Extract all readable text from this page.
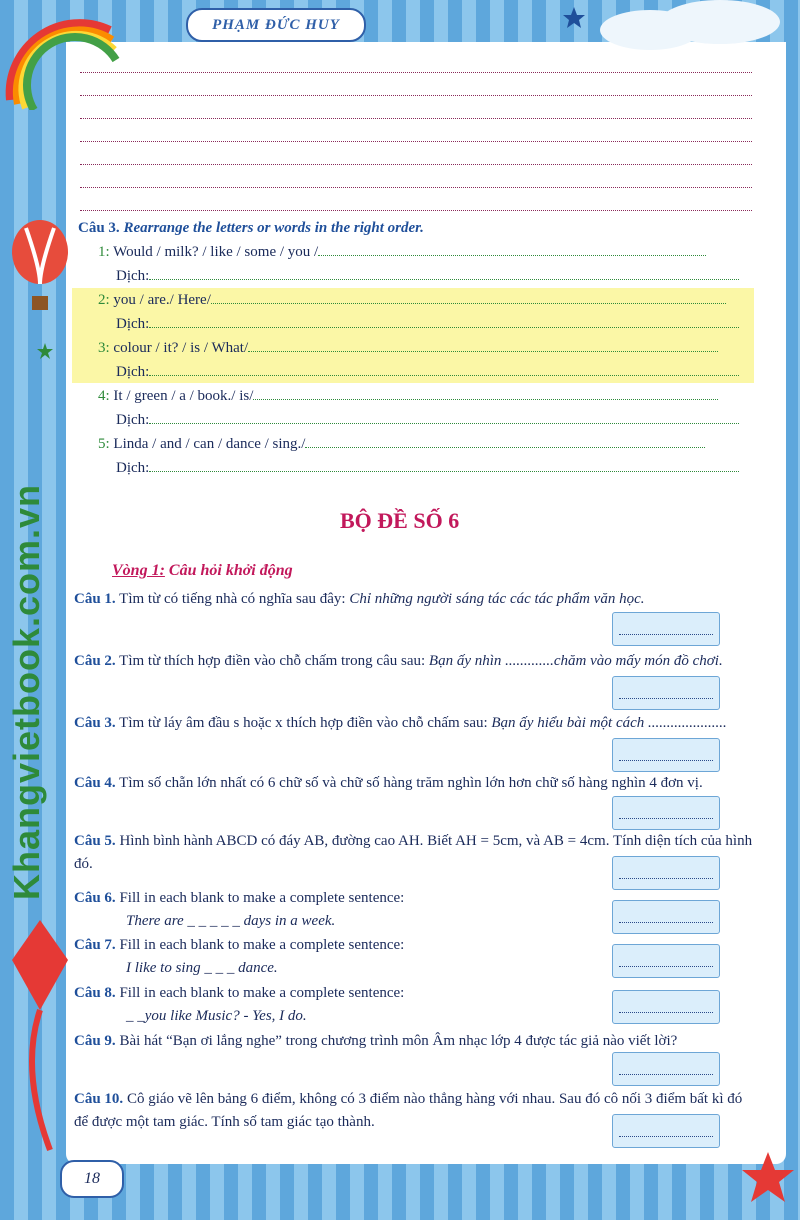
PHẠM ĐỨC HUY
Câu 3. Rearrange the letters or words in the right order.
1: Would / milk? / like / some / you /
Dịch:
2: you / are./ Here/
Dịch:
3: colour / it? / is / What/
Dịch:
4: It / green / a / book./ is/
Dịch:
5: Linda / and / can / dance / sing./
Dịch:
BỘ ĐỀ SỐ 6
Vòng 1: Câu hỏi khởi động
Câu 1. Tìm từ có tiếng nhà có nghĩa sau đây: Chỉ những người sáng tác các tác phẩm văn học.
Câu 2. Tìm từ thích hợp điền vào chỗ chấm trong câu sau: Bạn ấy nhìn .............chăm vào mấy món đồ chơi.
Câu 3. Tìm từ láy âm đầu s hoặc x thích hợp điền vào chỗ chấm sau: Bạn ấy hiểu bài một cách .....................
Câu 4. Tìm số chẵn lớn nhất có 6 chữ số và chữ số hàng trăm nghìn lớn hơn chữ số hàng nghìn 4 đơn vị.
Câu 5. Hình bình hành ABCD có đáy AB, đường cao AH. Biết AH = 5cm, và AB = 4cm. Tính diện tích của hình đó.
Câu 6. Fill in each blank to make a complete sentence:
There are _ _ _ _ _ days in a week.
Câu 7. Fill in each blank to make a complete sentence:
I like to sing _ _ _ dance.
Câu 8. Fill in each blank to make a complete sentence:
_ _you like Music? - Yes, I do.
Câu 9. Bài hát “Bạn ơi lắng nghe” trong chương trình môn Âm nhạc lớp 4 được tác giả nào viết lời?
Câu 10. Cô giáo vẽ lên bảng 6 điểm, không có 3 điểm nào thẳng hàng với nhau. Sau đó cô nối 3 điểm bất kì đó để được một tam giác. Tính số tam giác tạo thành.
Khangvietbook.com.vn
18
